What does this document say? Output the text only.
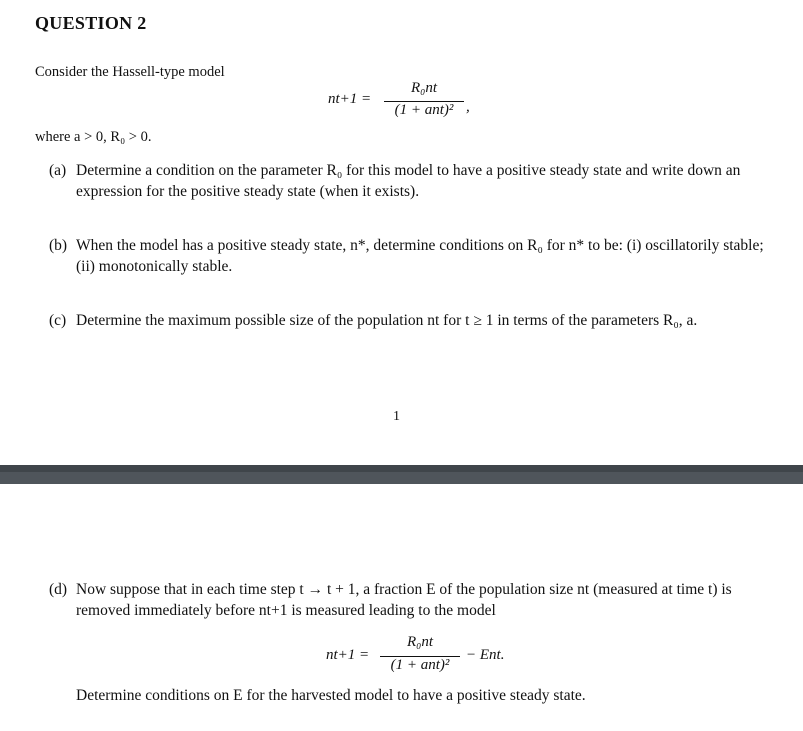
QUESTION 2
Consider the Hassell-type model
nt+1 =
R₀nt
(1 + ant)² ,
where a > 0, R₀ > 0.
(a) Determine a condition on the parameter R₀ for this model to have a positive steady state and write down an expression for the positive steady state (when it exists).
(b) When the model has a positive steady state, n*, determine conditions on R₀ for n* to be: (i) oscillatorily stable; (ii) monotonically stable.
(c) Determine the maximum possible size of the population nt for t ≥ 1 in terms of the parameters R₀, a.
1
(d) Now suppose that in each time step t → t + 1, a fraction E of the population size nt (measured at time t) is removed immediately before nt+1 is measured leading to the model
nt+1 =
R₀nt
(1 + ant)²
− Ent.
Determine conditions on E for the harvested model to have a positive steady state.
